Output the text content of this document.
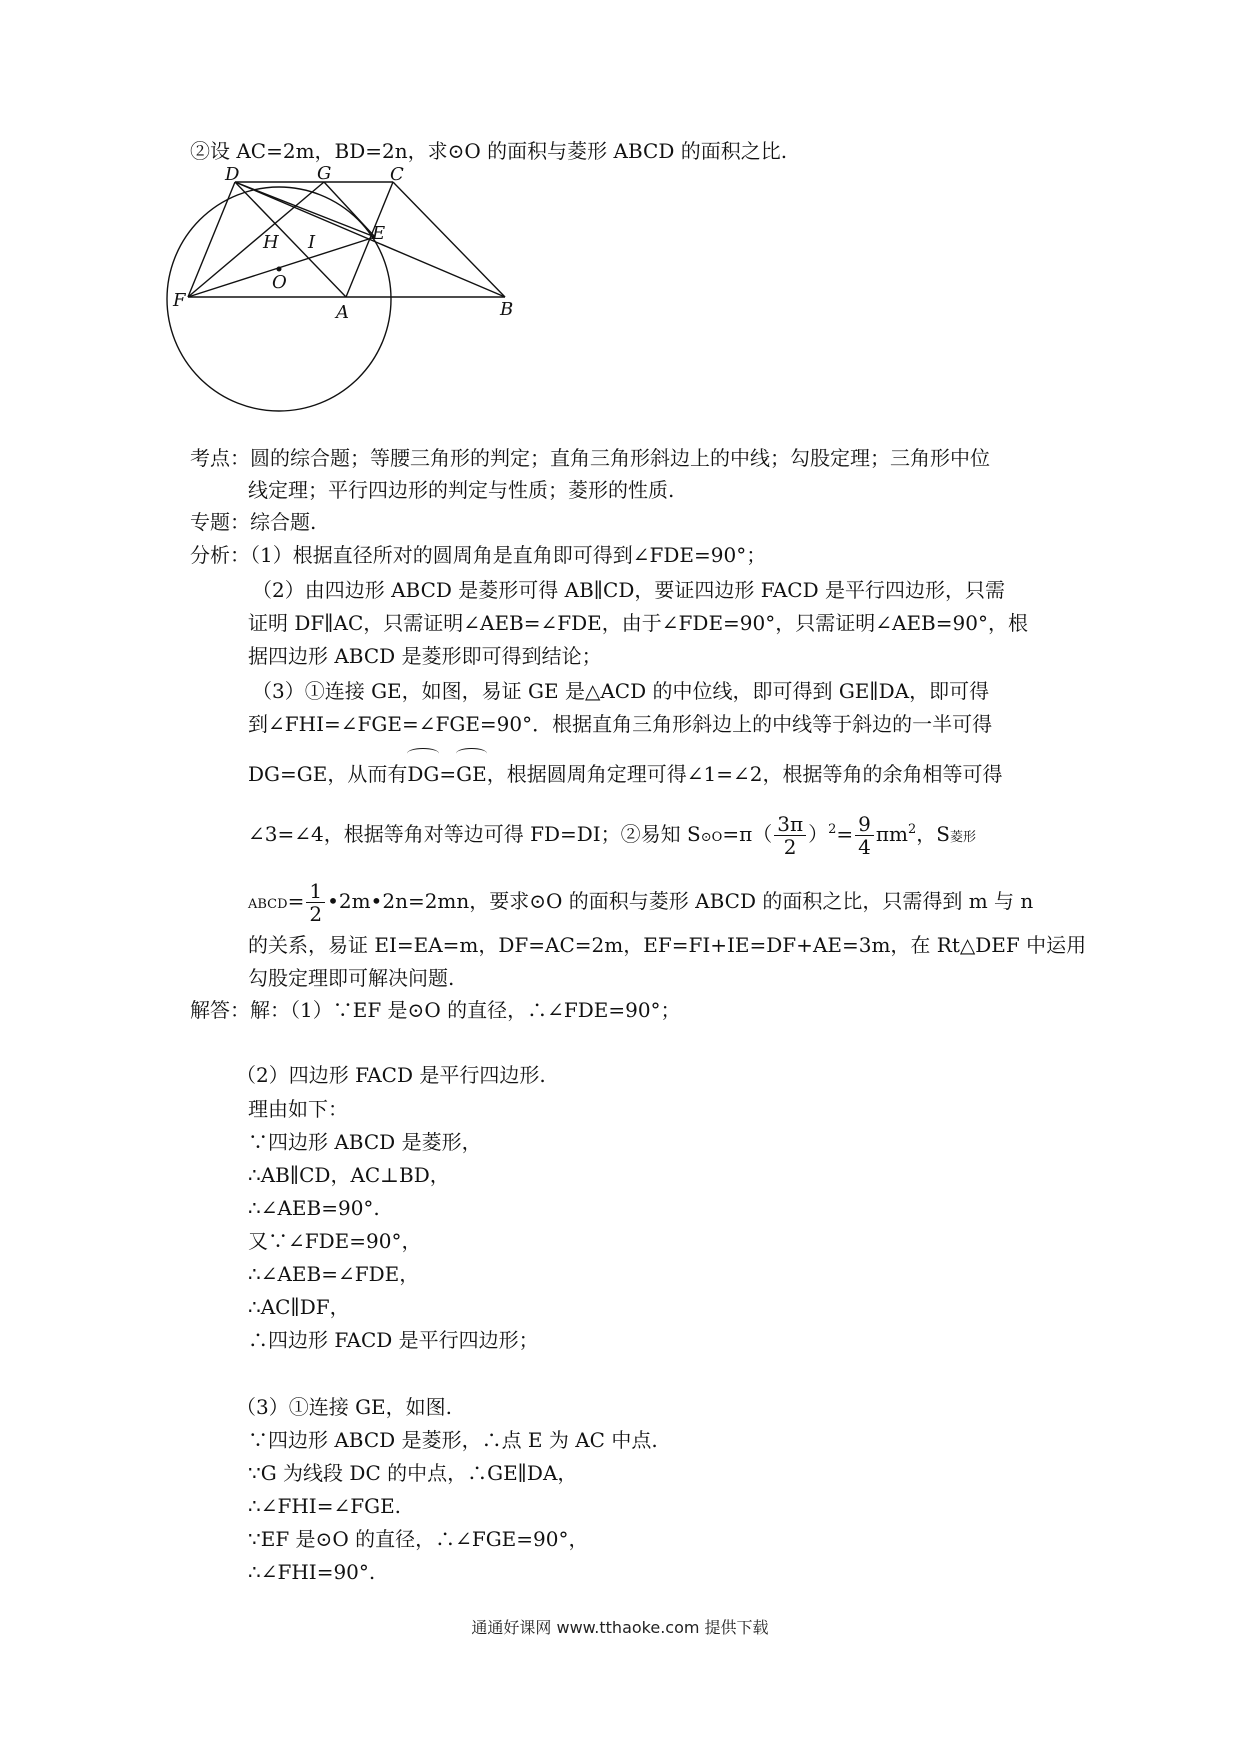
②设 AC=2m，BD=2n，求⊙O 的面积与菱形 ABCD 的面积之比.
D	G	C
H I	E
O
F
A	B
考点：圆的综合题；等腰三角形的判定；直角三角形斜边上的中线；勾股定理；三角形中位
线定理；平行四边形的判定与性质；菱形的性质.
专题：综合题.
分析：（1）根据直径所对的圆周角是直角即可得到∠FDE=90°；
（2）由四边形 ABCD 是菱形可得 AB∥CD，要证四边形 FACD 是平行四边形，只需
证明 DF∥AC，只需证明∠AEB=∠FDE，由于∠FDE=90°，只需证明∠AEB=90°，根
据四边形 ABCD 是菱形即可得到结论；
（3）①连接 GE，如图，易证 GE 是△ACD 的中位线，即可得到 GE∥DA，即可得
到∠FHI=∠FGE=∠FGE=90°．根据直角三角形斜边上的中线等于斜边的一半可得
DG=GE，从而有DG=GE，根据圆周角定理可得∠1=∠2，根据等角的余角相等可得
∠3=∠4，根据等角对等边可得 FD=DI；②易知 S⊙O=π（ $\frac{3\pi}{2} )^2= \frac{9}{4} \pi m^2$，S菱形
ABCD= $\frac{1}{2}$ •2m•2n=2mn，要求⊙O 的面积与菱形 ABCD 的面积之比，只需得到 m 与 n
的关系，易证 EI=EA=m，DF=AC=2m，EF=FI+IE=DF+AE=3m，在 Rt△DEF 中运用
勾股定理即可解决问题.
解答：解：（1）∵EF 是⊙O 的直径，∴∠FDE=90°；
（2）四边形 FACD 是平行四边形.
理由如下：
∵四边形 ABCD 是菱形，
∴AB∥CD，AC⊥BD，
∴∠AEB=90°.
又∵∠FDE=90°，
∴∠AEB=∠FDE，
∴AC∥DF，
∴四边形 FACD 是平行四边形；
（3）①连接 GE，如图.
∵四边形 ABCD 是菱形，∴点 E 为 AC 中点.
∵G 为线段 DC 的中点，∴GE∥DA，
∴∠FHI=∠FGE.
∵EF 是⊙O 的直径，∴∠FGE=90°，
∴∠FHI=90°.
通通好课网 www.tthaoke.com 提供下载
